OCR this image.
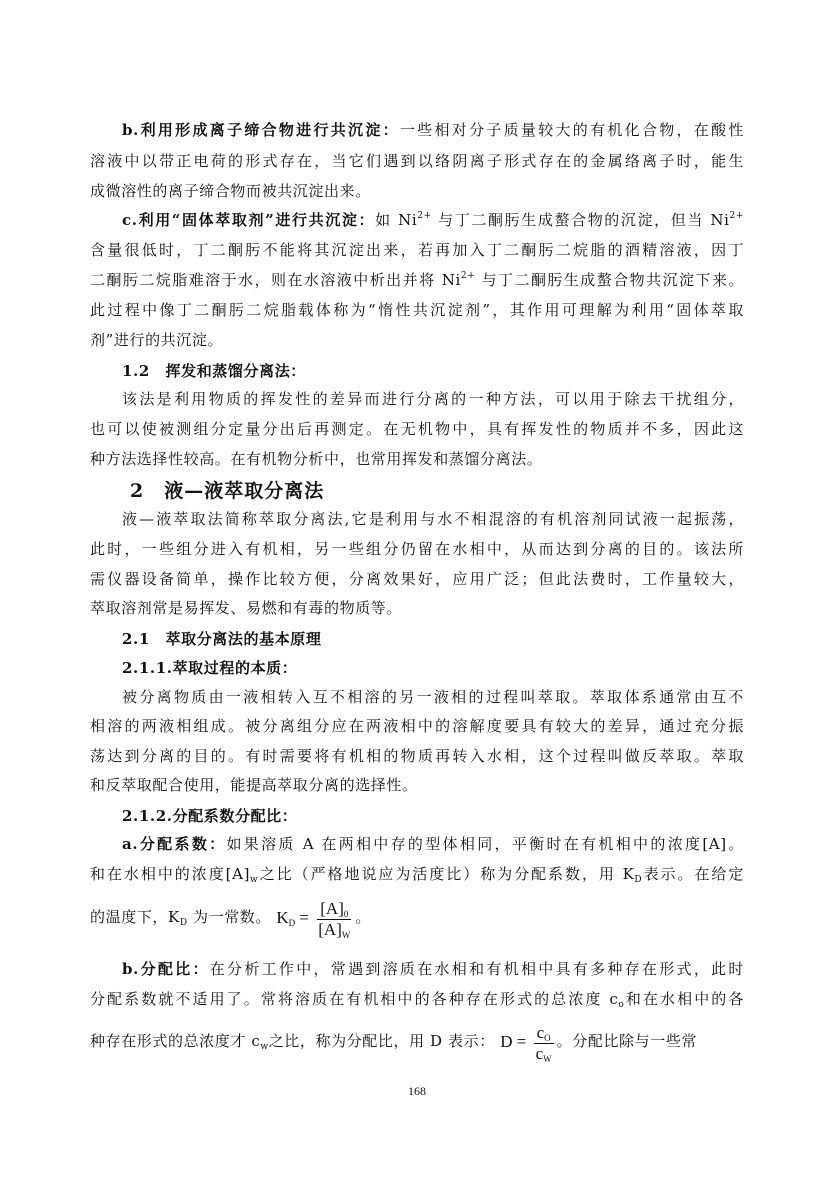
b.利用形成离子缔合物进行共沉淀：一些相对分子质量较大的有机化合物，在酸性
溶液中以带正电荷的形式存在，当它们遇到以络阴离子形式存在的金属络离子时，能生
成微溶性的离子缔合物而被共沉淀出来。
c.利用“固体萃取剂”进行共沉淀：如 $Ni^{2+}$ 与丁二酮肟生成螯合物的沉淀，但当 $Ni^{2+}$
含量很低时，丁二酮肟不能将其沉淀出来，若再加入丁二酮肟二烷脂的酒精溶液，因丁
二酮肟二烷脂难溶于水，则在水溶液中析出并将 $Ni^{2+}$ 与丁二酮肟生成螯合物共沉淀下来。
此过程中像丁二酮肟二烷脂载体称为“惰性共沉淀剂”，其作用可理解为利用“固体萃取
剂”进行的共沉淀。
1.2　挥发和蒸馏分离法：
该法是利用物质的挥发性的差异而进行分离的一种方法，可以用于除去干扰组分，
也可以使被测组分定量分出后再测定。在无机物中，具有挥发性的物质并不多，因此这
种方法选择性较高。在有机物分析中，也常用挥发和蒸馏分离法。
2　液—液萃取分离法
液—液萃取法简称萃取分离法,它是利用与水不相混溶的有机溶剂同试液一起振荡，
此时，一些组分进入有机相，另一些组分仍留在水相中，从而达到分离的目的。该法所
需仪器设备简单，操作比较方便，分离效果好，应用广泛；但此法费时，工作量较大，
萃取溶剂常是易挥发、易燃和有毒的物质等。
2.1　萃取分离法的基本原理
2.1.1.萃取过程的本质：
被分离物质由一液相转入互不相溶的另一液相的过程叫萃取。萃取体系通常由互不
相溶的两液相组成。被分离组分应在两液相中的溶解度要具有较大的差异，通过充分振
荡达到分离的目的。有时需要将有机相的物质再转入水相，这个过程叫做反萃取。萃取
和反萃取配合使用，能提高萃取分离的选择性。
2.1.2.分配系数分配比：
a.分配系数：如果溶质 A 在两相中存的型体相同，平衡时在有机相中的浓度[A]。
和在水相中的浓度$[A]_w$之比（严格地说应为活度比）称为分配系数，用 $K_D$表示。在给定
的温度下，$K_D$ 为一常数。 $K_D = \frac{[A]_0}{[A]_W}$ 。
b.分配比：在分析工作中，常遇到溶质在水相和有机相中具有多种存在形式，此时
分配系数就不适用了。常将溶质在有机相中的各种存在形式的总浓度 $c_o$和在水相中的各
种存在形式的总浓度才 $c_w$之比，称为分配比，用 D 表示： $D = \frac{c_O}{c_W}$ 。分配比除与一些常
168
